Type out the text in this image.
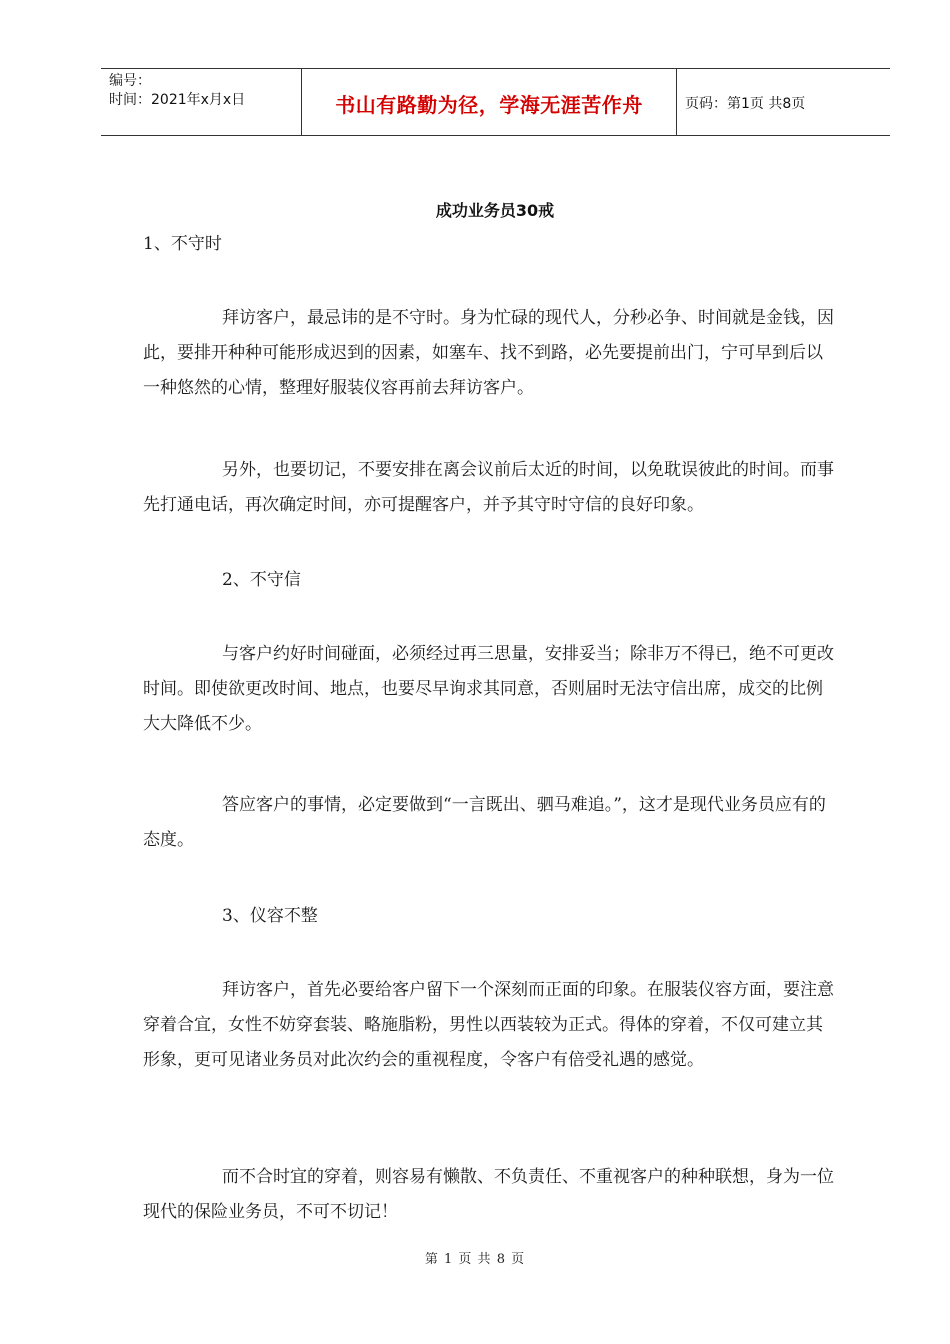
编号：
时间：2021年x月x日	书山有路勤为径，学海无涯苦作舟	页码：第1页 共8页
成功业务员30戒
1、不守时

拜访客户，最忌讳的是不守时。身为忙碌的现代人，分秒必争、时间就是金钱，因此，要排开种种可能形成迟到的因素，如塞车、找不到路，必先要提前出门，宁可早到后以一种悠然的心情，整理好服装仪容再前去拜访客户。

另外，也要切记，不要安排在离会议前后太近的时间，以免耽误彼此的时间。而事先打通电话，再次确定时间，亦可提醒客户，并予其守时守信的良好印象。

2、不守信

与客户约好时间碰面，必须经过再三思量，安排妥当；除非万不得已，绝不可更改时间。即使欲更改时间、地点，也要尽早询求其同意，否则届时无法守信出席，成交的比例大大降低不少。

答应客户的事情，必定要做到“一言既出、驷马难追。”，这才是现代业务员应有的态度。

3、仪容不整

拜访客户，首先必要给客户留下一个深刻而正面的印象。在服装仪容方面，要注意穿着合宜，女性不妨穿套装、略施脂粉，男性以西装较为正式。得体的穿着，不仅可建立其形象，更可见诸业务员对此次约会的重视程度，令客户有倍受礼遇的感觉。

而不合时宜的穿着，则容易有懒散、不负责任、不重视客户的种种联想，身为一位现代的保险业务员，不可不切记！

第 1 页 共 8 页
